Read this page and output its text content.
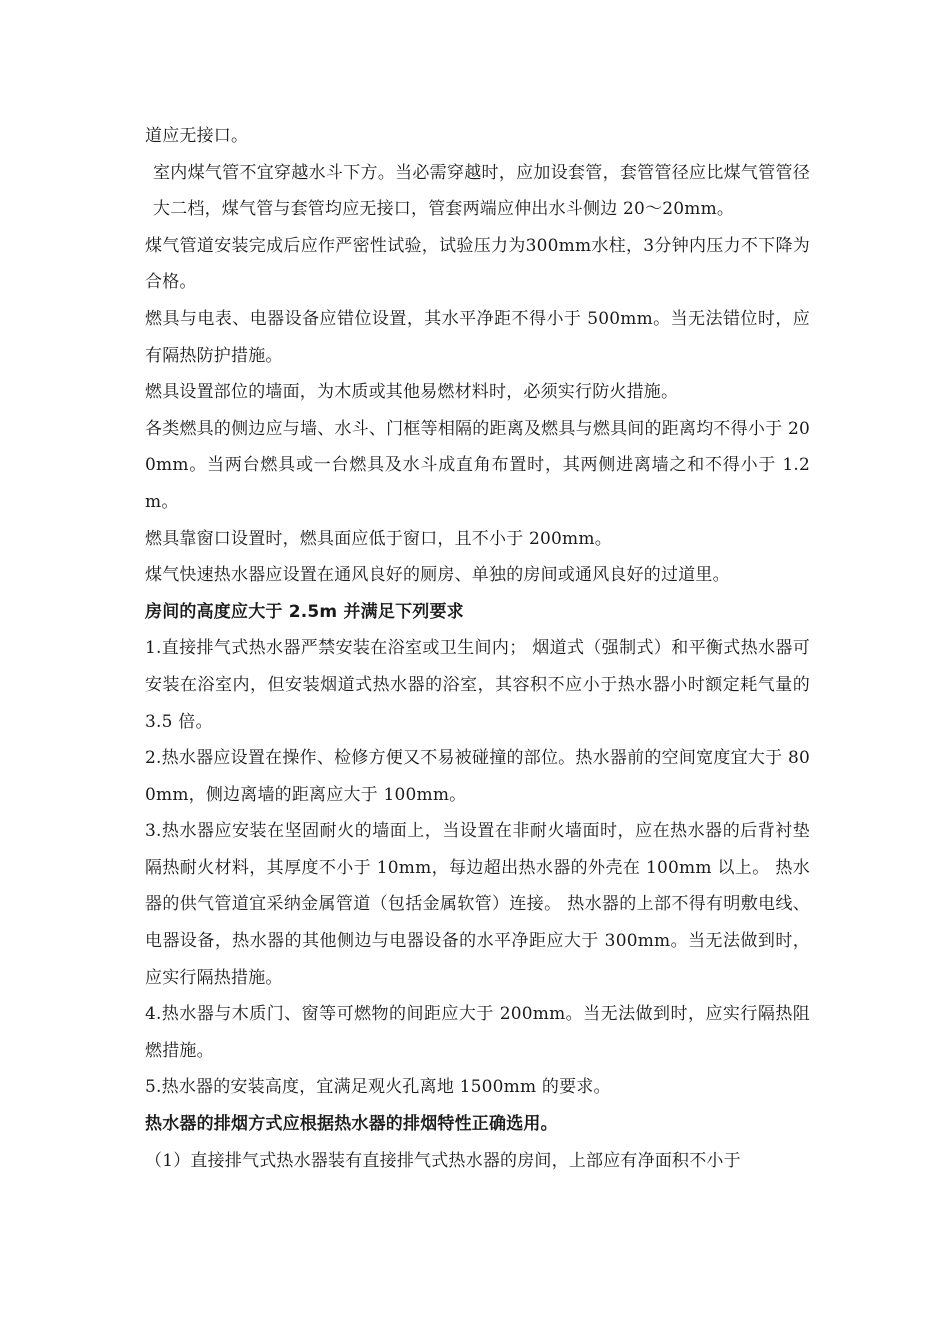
道应无接口。

室内煤气管不宜穿越水斗下方。当必需穿越时，应加设套管，套管管径应比煤气管管径大二档，煤气管与套管均应无接口，管套两端应伸出水斗侧边 20～20mm。

煤气管道安装完成后应作严密性试验，试验压力为300mm水柱，3分钟内压力不下降为合格。

燃具与电表、电器设备应错位设置，其水平净距不得小于 500mm。当无法错位时，应有隔热防护措施。

燃具设置部位的墙面，为木质或其他易燃材料时，必须实行防火措施。

各类燃具的侧边应与墙、水斗、门框等相隔的距离及燃具与燃具间的距离均不得小于 200mm。当两台燃具或一台燃具及水斗成直角布置时，其两侧进离墙之和不得小于 1.2m。

燃具靠窗口设置时，燃具面应低于窗口，且不小于 200mm。

煤气快速热水器应设置在通风良好的厕房、单独的房间或通风良好的过道里。

房间的高度应大于 2.5m 并满足下列要求

1.直接排气式热水器严禁安装在浴室或卫生间内； 烟道式（强制式）和平衡式热水器可安装在浴室内，但安装烟道式热水器的浴室，其容积不应小于热水器小时额定耗气量的 3.5 倍。

2.热水器应设置在操作、检修方便又不易被碰撞的部位。热水器前的空间宽度宜大于 800mm，侧边离墙的距离应大于 100mm。

3.热水器应安装在坚固耐火的墙面上，当设置在非耐火墙面时，应在热水器的后背衬垫隔热耐火材料，其厚度不小于 10mm，每边超出热水器的外壳在 100mm 以上。 热水器的供气管道宜采纳金属管道（包括金属软管）连接。 热水器的上部不得有明敷电线、电器设备，热水器的其他侧边与电器设备的水平净距应大于 300mm。当无法做到时，应实行隔热措施。

4.热水器与木质门、窗等可燃物的间距应大于 200mm。当无法做到时，应实行隔热阻燃措施。

5.热水器的安装高度，宜满足观火孔离地 1500mm 的要求。

热水器的排烟方式应根据热水器的排烟特性正确选用。

（1）直接排气式热水器装有直接排气式热水器的房间，上部应有净面积不小于
